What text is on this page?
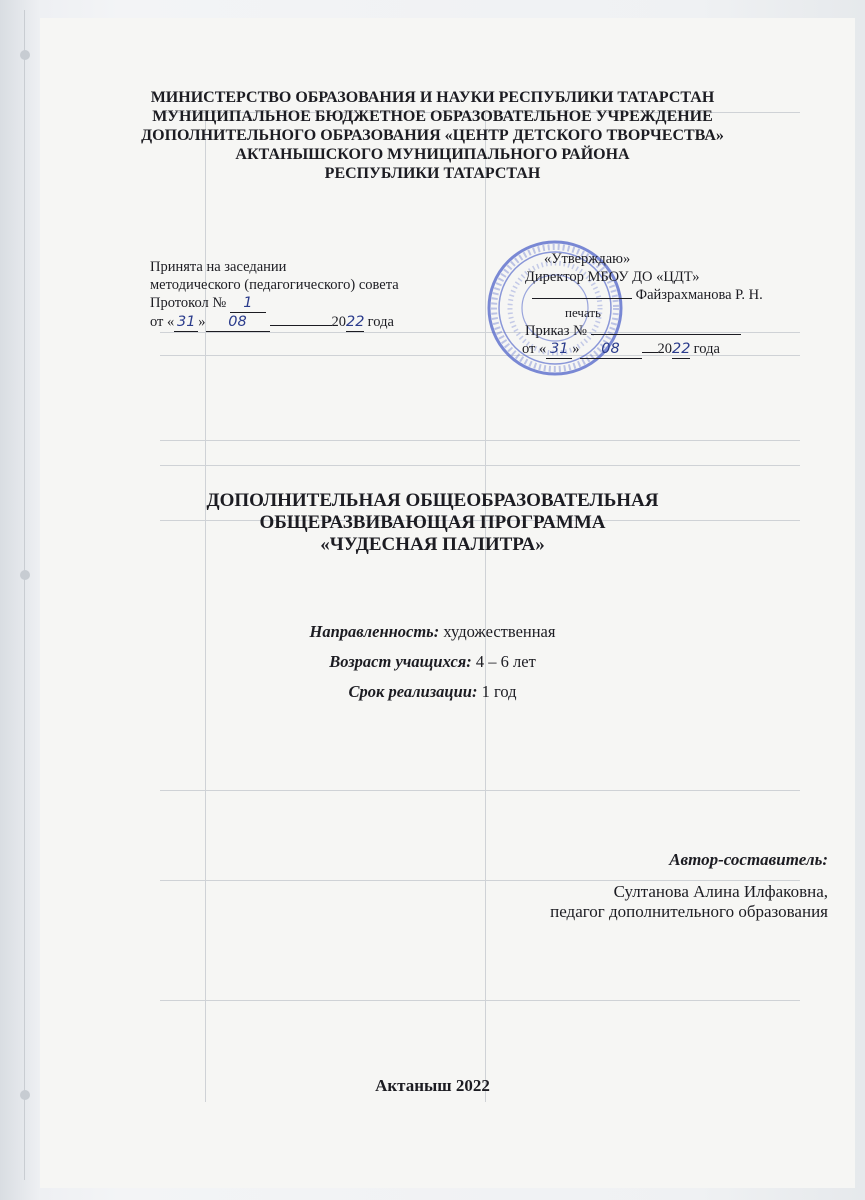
МИНИСТЕРСТВО ОБРАЗОВАНИЯ И НАУКИ РЕСПУБЛИКИ ТАТАРСТАН
МУНИЦИПАЛЬНОЕ БЮДЖЕТНОЕ ОБРАЗОВАТЕЛЬНОЕ УЧРЕЖДЕНИЕ
ДОПОЛНИТЕЛЬНОГО ОБРАЗОВАНИЯ «ЦЕНТР ДЕТСКОГО ТВОРЧЕСТВА»
АКТАНЫШСКОГО МУНИЦИПАЛЬНОГО РАЙОНА
РЕСПУБЛИКИ ТАТАРСТАН
Принята на заседании
методического (педагогического) совета
Протокол № 1
от « 31 » 08	2022 года
«Утверждаю»
Директор МБОУ ДО «ЦДТ»
Файзрахманова Р. Н.
печать
Приказ №
от « 31 » 08	2022 года
ДОПОЛНИТЕЛЬНАЯ ОБЩЕОБРАЗОВАТЕЛЬНАЯ
ОБЩЕРАЗВИВАЮЩАЯ ПРОГРАММА
«ЧУДЕСНАЯ ПАЛИТРА»
Направленность: художественная
Возраст учащихся: 4 – 6 лет
Срок реализации: 1 год
Автор-составитель:
Султанова Алина Илфаковна,
педагог дополнительного образования
Актаныш 2022
